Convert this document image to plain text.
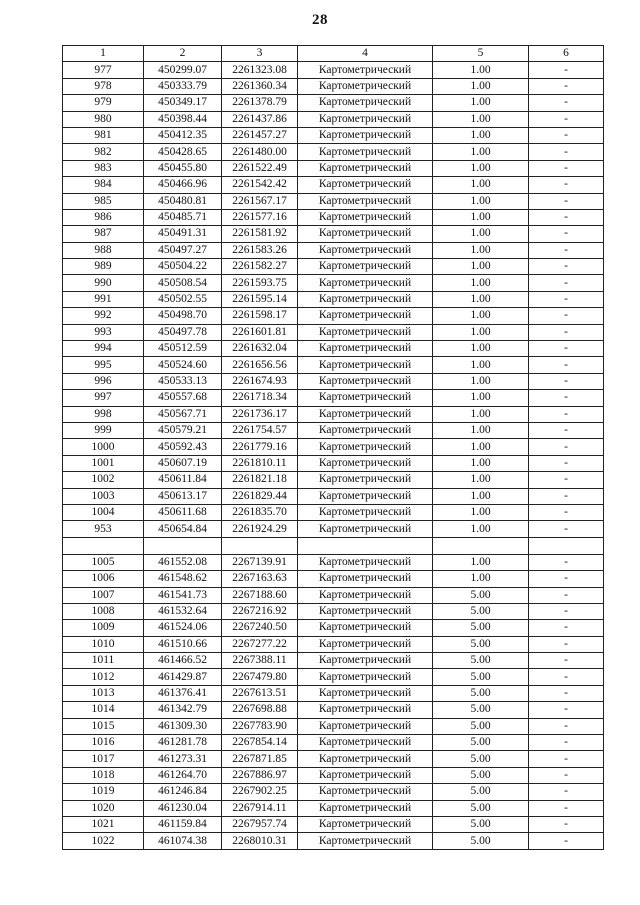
28
1	2	3	4	5	6
977	450299.07	2261323.08	Картометрический	1.00	-
978	450333.79	2261360.34	Картометрический	1.00	-
979	450349.17	2261378.79	Картометрический	1.00	-
980	450398.44	2261437.86	Картометрический	1.00	-
981	450412.35	2261457.27	Картометрический	1.00	-
982	450428.65	2261480.00	Картометрический	1.00	-
983	450455.80	2261522.49	Картометрический	1.00	-
984	450466.96	2261542.42	Картометрический	1.00	-
985	450480.81	2261567.17	Картометрический	1.00	-
986	450485.71	2261577.16	Картометрический	1.00	-
987	450491.31	2261581.92	Картометрический	1.00	-
988	450497.27	2261583.26	Картометрический	1.00	-
989	450504.22	2261582.27	Картометрический	1.00	-
990	450508.54	2261593.75	Картометрический	1.00	-
991	450502.55	2261595.14	Картометрический	1.00	-
992	450498.70	2261598.17	Картометрический	1.00	-
993	450497.78	2261601.81	Картометрический	1.00	-
994	450512.59	2261632.04	Картометрический	1.00	-
995	450524.60	2261656.56	Картометрический	1.00	-
996	450533.13	2261674.93	Картометрический	1.00	-
997	450557.68	2261718.34	Картометрический	1.00	-
998	450567.71	2261736.17	Картометрический	1.00	-
999	450579.21	2261754.57	Картометрический	1.00	-
1000	450592.43	2261779.16	Картометрический	1.00	-
1001	450607.19	2261810.11	Картометрический	1.00	-
1002	450611.84	2261821.18	Картометрический	1.00	-
1003	450613.17	2261829.44	Картометрический	1.00	-
1004	450611.68	2261835.70	Картометрический	1.00	-
953	450654.84	2261924.29	Картометрический	1.00	-

1005	461552.08	2267139.91	Картометрический	1.00	-
1006	461548.62	2267163.63	Картометрический	1.00	-
1007	461541.73	2267188.60	Картометрический	5.00	-
1008	461532.64	2267216.92	Картометрический	5.00	-
1009	461524.06	2267240.50	Картометрический	5.00	-
1010	461510.66	2267277.22	Картометрический	5.00	-
1011	461466.52	2267388.11	Картометрический	5.00	-
1012	461429.87	2267479.80	Картометрический	5.00	-
1013	461376.41	2267613.51	Картометрический	5.00	-
1014	461342.79	2267698.88	Картометрический	5.00	-
1015	461309.30	2267783.90	Картометрический	5.00	-
1016	461281.78	2267854.14	Картометрический	5.00	-
1017	461273.31	2267871.85	Картометрический	5.00	-
1018	461264.70	2267886.97	Картометрический	5.00	-
1019	461246.84	2267902.25	Картометрический	5.00	-
1020	461230.04	2267914.11	Картометрический	5.00	-
1021	461159.84	2267957.74	Картометрический	5.00	-
1022	461074.38	2268010.31	Картометрический	5.00	-
